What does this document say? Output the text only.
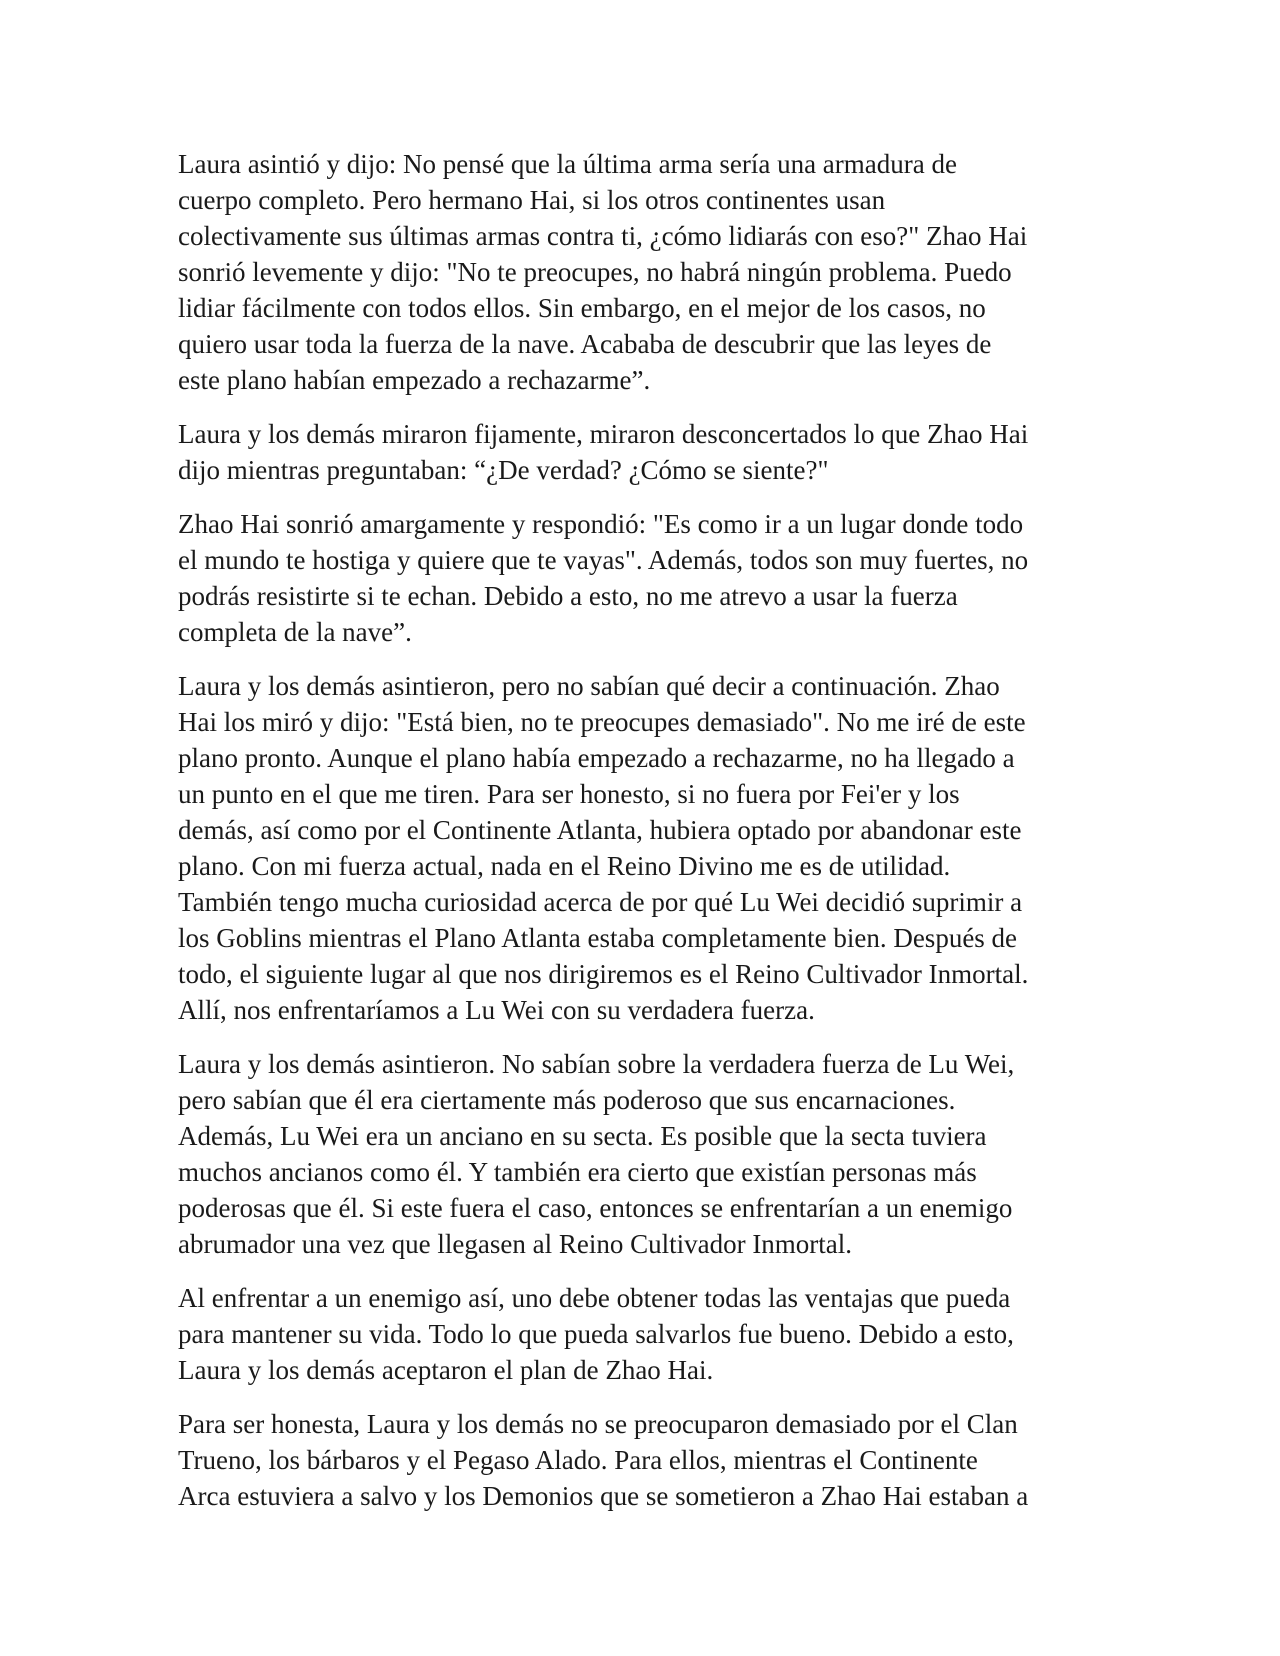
Laura asintió y dijo: No pensé que la última arma sería una armadura de
cuerpo completo. Pero hermano Hai, si los otros continentes usan
colectivamente sus últimas armas contra ti, ¿cómo lidiarás con eso?" Zhao Hai
sonrió levemente y dijo: "No te preocupes, no habrá ningún problema. Puedo
lidiar fácilmente con todos ellos. Sin embargo, en el mejor de los casos, no
quiero usar toda la fuerza de la nave. Acababa de descubrir que las leyes de
este plano habían empezado a rechazarme”.

Laura y los demás miraron fijamente, miraron desconcertados lo que Zhao Hai
dijo mientras preguntaban: “¿De verdad? ¿Cómo se siente?"

Zhao Hai sonrió amargamente y respondió: "Es como ir a un lugar donde todo
el mundo te hostiga y quiere que te vayas". Además, todos son muy fuertes, no
podrás resistirte si te echan. Debido a esto, no me atrevo a usar la fuerza
completa de la nave”.

Laura y los demás asintieron, pero no sabían qué decir a continuación. Zhao
Hai los miró y dijo: "Está bien, no te preocupes demasiado". No me iré de este
plano pronto. Aunque el plano había empezado a rechazarme, no ha llegado a
un punto en el que me tiren. Para ser honesto, si no fuera por Fei'er y los
demás, así como por el Continente Atlanta, hubiera optado por abandonar este
plano. Con mi fuerza actual, nada en el Reino Divino me es de utilidad.
También tengo mucha curiosidad acerca de por qué Lu Wei decidió suprimir a
los Goblins mientras el Plano Atlanta estaba completamente bien. Después de
todo, el siguiente lugar al que nos dirigiremos es el Reino Cultivador Inmortal.
Allí, nos enfrentaríamos a Lu Wei con su verdadera fuerza.

Laura y los demás asintieron. No sabían sobre la verdadera fuerza de Lu Wei,
pero sabían que él era ciertamente más poderoso que sus encarnaciones.
Además, Lu Wei era un anciano en su secta. Es posible que la secta tuviera
muchos ancianos como él. Y también era cierto que existían personas más
poderosas que él. Si este fuera el caso, entonces se enfrentarían a un enemigo
abrumador una vez que llegasen al Reino Cultivador Inmortal.

Al enfrentar a un enemigo así, uno debe obtener todas las ventajas que pueda
para mantener su vida. Todo lo que pueda salvarlos fue bueno. Debido a esto,
Laura y los demás aceptaron el plan de Zhao Hai.

Para ser honesta, Laura y los demás no se preocuparon demasiado por el Clan
Trueno, los bárbaros y el Pegaso Alado. Para ellos, mientras el Continente
Arca estuviera a salvo y los Demonios que se sometieron a Zhao Hai estaban a
